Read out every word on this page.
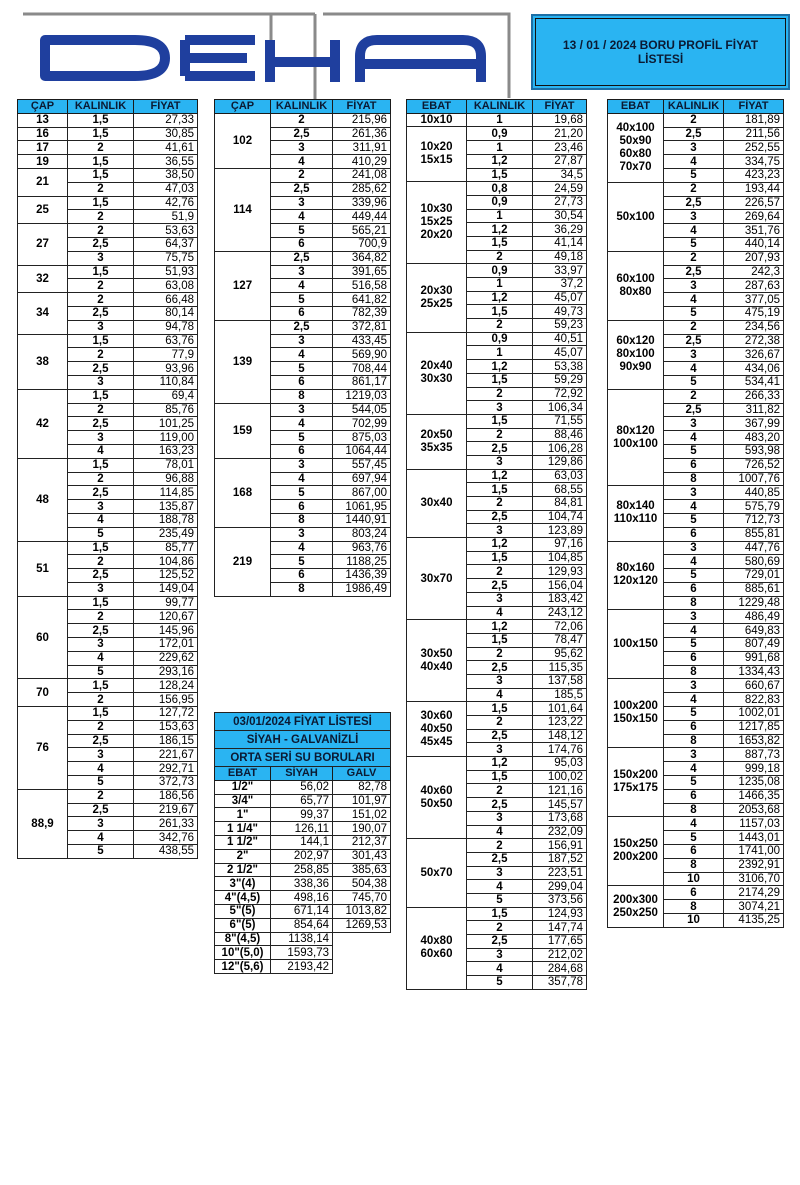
13 / 01 / 2024 BORU PROFİL FİYAT LİSTESİ
ÇAP	KALINLIK	FİYAT
13	1,5	27,33
16	1,5	30,85
17	2	41,61
19	1,5	36,55
21	1,5	38,50
	2	47,03
25	1,5	42,76
	2	51,9
27	2	53,63
	2,5	64,37
	3	75,75
32	1,5	51,93
	2	63,08
34	2	66,48
	2,5	80,14
	3	94,78
38	1,5	63,76
	2	77,9
	2,5	93,96
	3	110,84
42	1,5	69,4
	2	85,76
	2,5	101,25
	3	119,00
	4	163,23
48	1,5	78,01
	2	96,88
	2,5	114,85
	3	135,87
	4	188,78
	5	235,49
51	1,5	85,77
	2	104,86
	2,5	125,52
	3	149,04
60	1,5	99,77
	2	120,67
	2,5	145,96
	3	172,01
	4	229,62
	5	293,16
70	1,5	128,24
	2	156,95
76	1,5	127,72
	2	153,63
	2,5	186,15
	3	221,67
	4	292,71
	5	372,73
88,9	2	186,56
	2,5	219,67
	3	261,33
	4	342,76
	5	438,55
ÇAP	KALINLIK	FİYAT
102	2	215,96
	2,5	261,36
	3	311,91
	4	410,29
114	2	241,08
	2,5	285,62
	3	339,96
	4	449,44
	5	565,21
	6	700,9
127	2,5	364,82
	3	391,65
	4	516,58
	5	641,82
	6	782,39
139	2,5	372,81
	3	433,45
	4	569,90
	5	708,44
	6	861,17
	8	1219,03
159	3	544,05
	4	702,99
	5	875,03
	6	1064,44
168	3	557,45
	4	697,94
	5	867,00
	6	1061,95
	8	1440,91
219	3	803,24
	4	963,76
	5	1188,25
	6	1436,39
	8	1986,49
03/01/2024 FİYAT LİSTESİ		
SİYAH - GALVANİZLİ		
ORTA SERİ SU BORULARI		
EBAT	SİYAH	GALV
1/2"	56,02	82,78
3/4"	65,77	101,97
1"	99,37	151,02
1 1/4"	126,11	190,07
1 1/2"	144,1	212,37
2"	202,97	301,43
2 1/2"	258,85	385,63
3"(4)	338,36	504,38
4"(4,5)	498,16	745,70
5"(5)	671,14	1013,82
6"(5)	854,64	1269,53
8"(4,5)	1138,14	
10"(5,0)	1593,73	
12"(5,6)	2193,42	
EBAT	KALINLIK	FİYAT
10x10	1	19,68
10x20 15x15	0,9	21,20
	1	23,46
	1,2	27,87
	1,5	34,5
10x30 15x25 20x20	0,8	24,59
	0,9	27,73
	1	30,54
	1,2	36,29
	1,5	41,14
	2	49,18
20x30 25x25	0,9	33,97
	1	37,2
	1,2	45,07
	1,5	49,73
	2	59,23
20x40 30x30	0,9	40,51
	1	45,07
	1,2	53,38
	1,5	59,29
	2	72,92
	3	106,34
20x50 35x35	1,5	71,55
	2	88,46
	2,5	106,28
	3	129,86
30x40	1,2	63,03
	1,5	68,55
	2	84,81
	2,5	104,74
	3	123,89
30x70	1,2	97,16
	1,5	104,85
	2	129,93
	2,5	156,04
	3	183,42
	4	243,12
30x50 40x40	1,2	72,06
	1,5	78,47
	2	95,62
	2,5	115,35
	3	137,58
	4	185,5
30x60 40x50 45x45	1,5	101,64
	2	123,22
	2,5	148,12
	3	174,76
40x60 50x50	1,2	95,03
	1,5	100,02
	2	121,16
	2,5	145,57
	3	173,68
	4	232,09
50x70	2	156,91
	2,5	187,52
	3	223,51
	4	299,04
	5	373,56
40x80 60x60	1,5	124,93
	2	147,74
	2,5	177,65
	3	212,02
	4	284,68
	5	357,78
EBAT	KALINLIK	FİYAT
40x100 50x90 60x80 70x70	2	181,89
	2,5	211,56
	3	252,55
	4	334,75
	5	423,23
50x100	2	193,44
	2,5	226,57
	3	269,64
	4	351,76
	5	440,14
60x100 80x80	2	207,93
	2,5	242,3
	3	287,63
	4	377,05
	5	475,19
60x120 80x100 90x90	2	234,56
	2,5	272,38
	3	326,67
	4	434,06
	5	534,41
80x120 100x100	2	266,33
	2,5	311,82
	3	367,99
	4	483,20
	5	593,98
	6	726,52
	8	1007,76
80x140 110x110	3	440,85
	4	575,79
	5	712,73
	6	855,81
80x160 120x120	3	447,76
	4	580,69
	5	729,01
	6	885,61
	8	1229,48
100x150	3	486,49
	4	649,83
	5	807,49
	6	991,68
	8	1334,43
100x200 150x150	3	660,67
	4	822,83
	5	1002,01
	6	1217,85
	8	1653,82
150x200 175x175	3	887,73
	4	999,18
	5	1235,08
	6	1466,35
	8	2053,68
150x250 200x200	4	1157,03
	5	1443,01
	6	1741,00
	8	2392,91
	10	3106,70
200x300 250x250	6	2174,29
	8	3074,21
	10	4135,25
